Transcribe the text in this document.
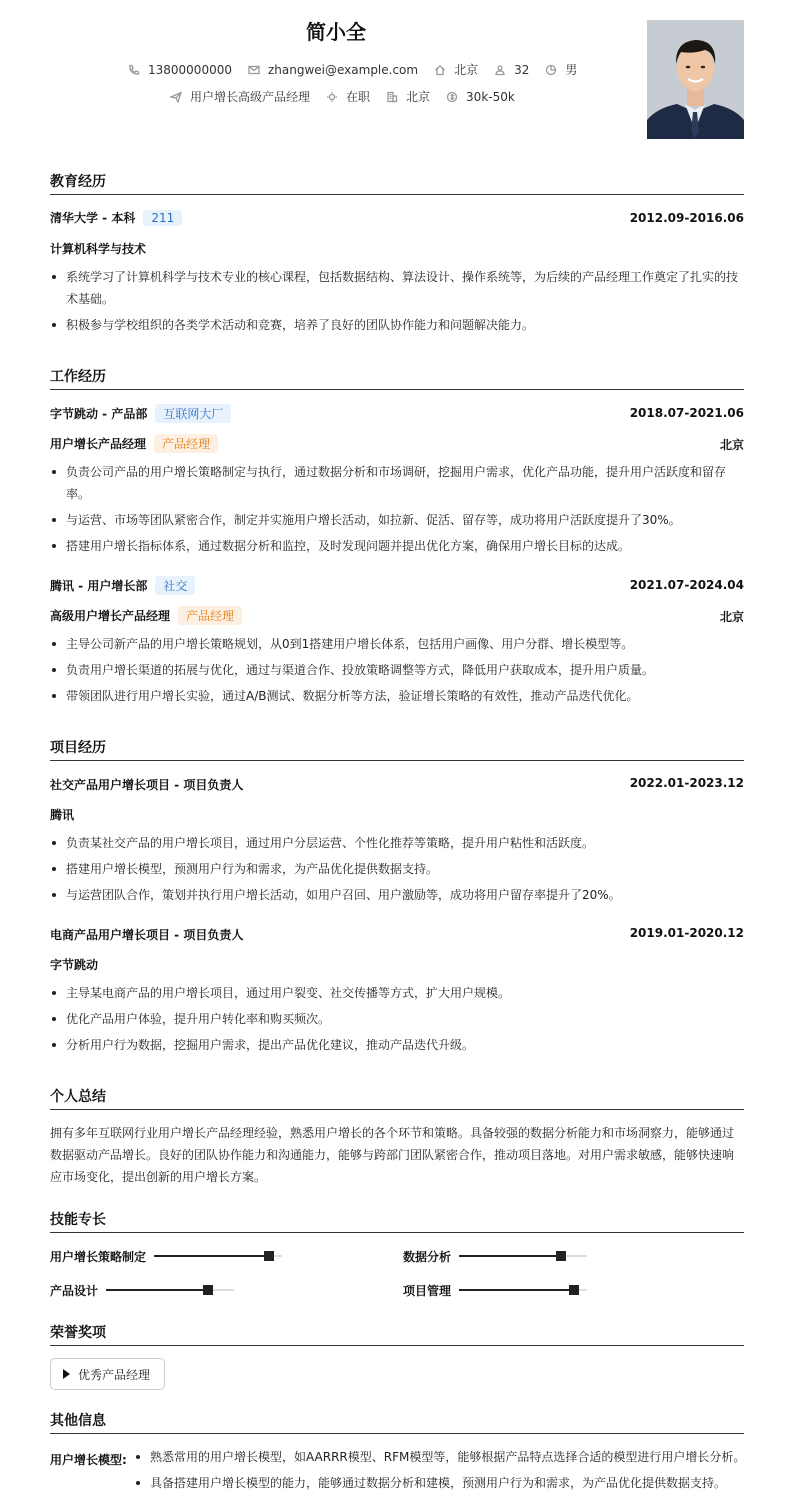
简小全
13800000000	zhangwei@example.com	北京	32	男
用户增长高级产品经理	在职	北京	30k-50k
教育经历
清华大学 - 本科 211	2012.09-2016.06
计算机科学与技术
系统学习了计算机科学与技术专业的核心课程，包括数据结构、算法设计、操作系统等，为后续的产品经理工作奠定了扎实的技术基础。
积极参与学校组织的各类学术活动和竞赛，培养了良好的团队协作能力和问题解决能力。
工作经历
字节跳动 - 产品部 互联网大厂	2018.07-2021.06
用户增长产品经理 产品经理	北京
负责公司产品的用户增长策略制定与执行，通过数据分析和市场调研，挖掘用户需求，优化产品功能，提升用户活跃度和留存率。
与运营、市场等团队紧密合作，制定并实施用户增长活动，如拉新、促活、留存等，成功将用户活跃度提升了30%。
搭建用户增长指标体系，通过数据分析和监控，及时发现问题并提出优化方案，确保用户增长目标的达成。
腾讯 - 用户增长部 社交	2021.07-2024.04
高级用户增长产品经理 产品经理	北京
主导公司新产品的用户增长策略规划，从0到1搭建用户增长体系，包括用户画像、用户分群、增长模型等。
负责用户增长渠道的拓展与优化，通过与渠道合作、投放策略调整等方式，降低用户获取成本，提升用户质量。
带领团队进行用户增长实验，通过A/B测试、数据分析等方法，验证增长策略的有效性，推动产品迭代优化。
项目经历
社交产品用户增长项目 - 项目负责人	2022.01-2023.12
腾讯
负责某社交产品的用户增长项目，通过用户分层运营、个性化推荐等策略，提升用户粘性和活跃度。
搭建用户增长模型，预测用户行为和需求，为产品优化提供数据支持。
与运营团队合作，策划并执行用户增长活动，如用户召回、用户激励等，成功将用户留存率提升了20%。
电商产品用户增长项目 - 项目负责人	2019.01-2020.12
字节跳动
主导某电商产品的用户增长项目，通过用户裂变、社交传播等方式，扩大用户规模。
优化产品用户体验，提升用户转化率和购买频次。
分析用户行为数据，挖掘用户需求，提出产品优化建议，推动产品迭代升级。
个人总结
拥有多年互联网行业用户增长产品经理经验，熟悉用户增长的各个环节和策略。具备较强的数据分析能力和市场洞察力，能够通过数据驱动产品增长。良好的团队协作能力和沟通能力，能够与跨部门团队紧密合作，推动项目落地。对用户需求敏感，能够快速响应市场变化，提出创新的用户增长方案。
技能专长
用户增长策略制定	数据分析
产品设计	项目管理
荣誉奖项
优秀产品经理
其他信息
用户增长模型:	熟悉常用的用户增长模型，如AARRR模型、RFM模型等，能够根据产品特点选择合适的模型进行用户增长分析。
具备搭建用户增长模型的能力，能够通过数据分析和建模，预测用户行为和需求，为产品优化提供数据支持。
